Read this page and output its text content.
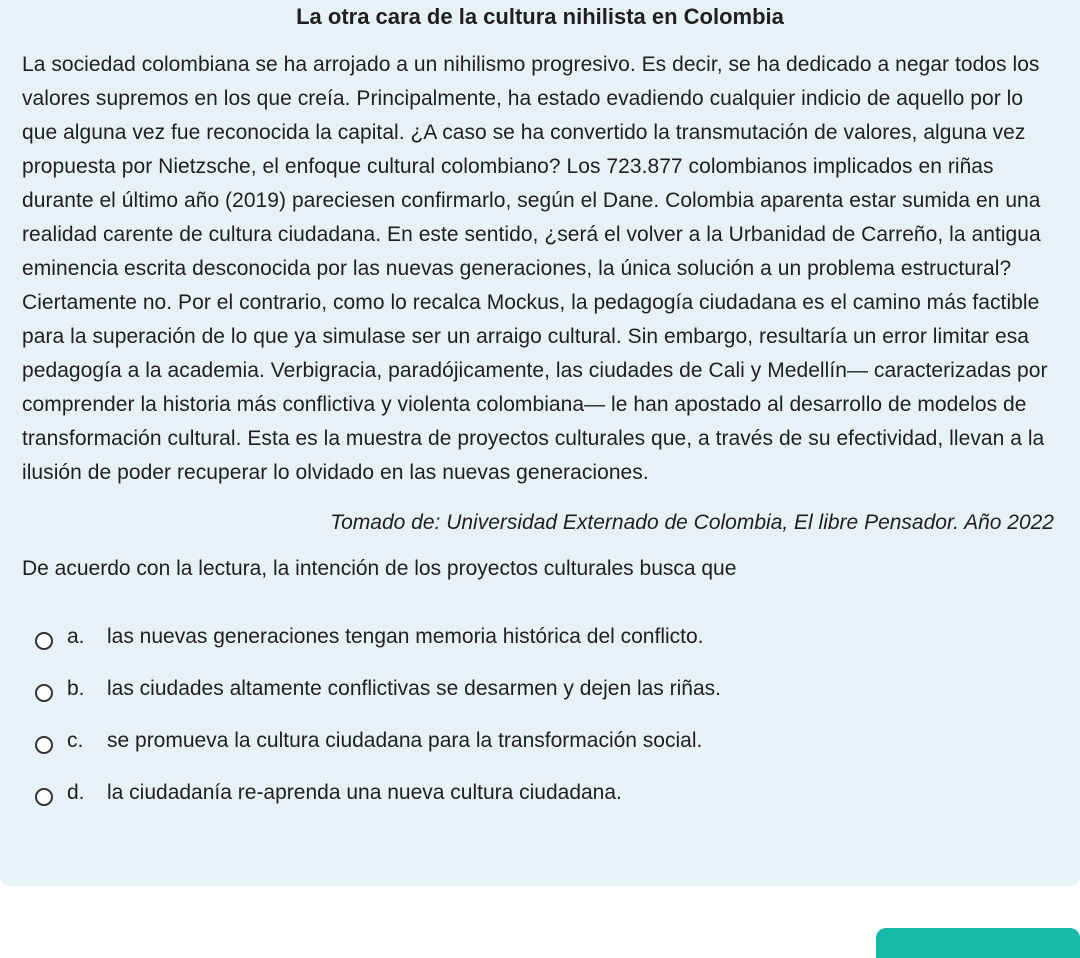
La otra cara de la cultura nihilista en Colombia

La sociedad colombiana se ha arrojado a un nihilismo progresivo. Es decir, se ha dedicado a negar todos los valores supremos en los que creía. Principalmente, ha estado evadiendo cualquier indicio de aquello por lo que alguna vez fue reconocida la capital. ¿A caso se ha convertido la transmutación de valores, alguna vez propuesta por Nietzsche, el enfoque cultural colombiano? Los 723.877 colombianos implicados en riñas durante el último año (2019) pareciesen confirmarlo, según el Dane. Colombia aparenta estar sumida en una realidad carente de cultura ciudadana. En este sentido, ¿será el volver a la Urbanidad de Carreño, la antigua eminencia escrita desconocida por las nuevas generaciones, la única solución a un problema estructural? Ciertamente no. Por el contrario, como lo recalca Mockus, la pedagogía ciudadana es el camino más factible para la superación de lo que ya simulase ser un arraigo cultural. Sin embargo, resultaría un error limitar esa pedagogía a la academia. Verbigracia, paradójicamente, las ciudades de Cali y Medellín— caracterizadas por comprender la historia más conflictiva y violenta colombiana— le han apostado al desarrollo de modelos de transformación cultural. Esta es la muestra de proyectos culturales que, a través de su efectividad, llevan a la ilusión de poder recuperar lo olvidado en las nuevas generaciones.

Tomado de: Universidad Externado de Colombia, El libre Pensador. Año 2022
De acuerdo con la lectura, la intención de los proyectos culturales busca que
a.	las nuevas generaciones tengan memoria histórica del conflicto.
b.	las ciudades altamente conflictivas se desarmen y dejen las riñas.
c.	se promueva la cultura ciudadana para la transformación social.
d.	la ciudadanía re-aprenda una nueva cultura ciudadana.
